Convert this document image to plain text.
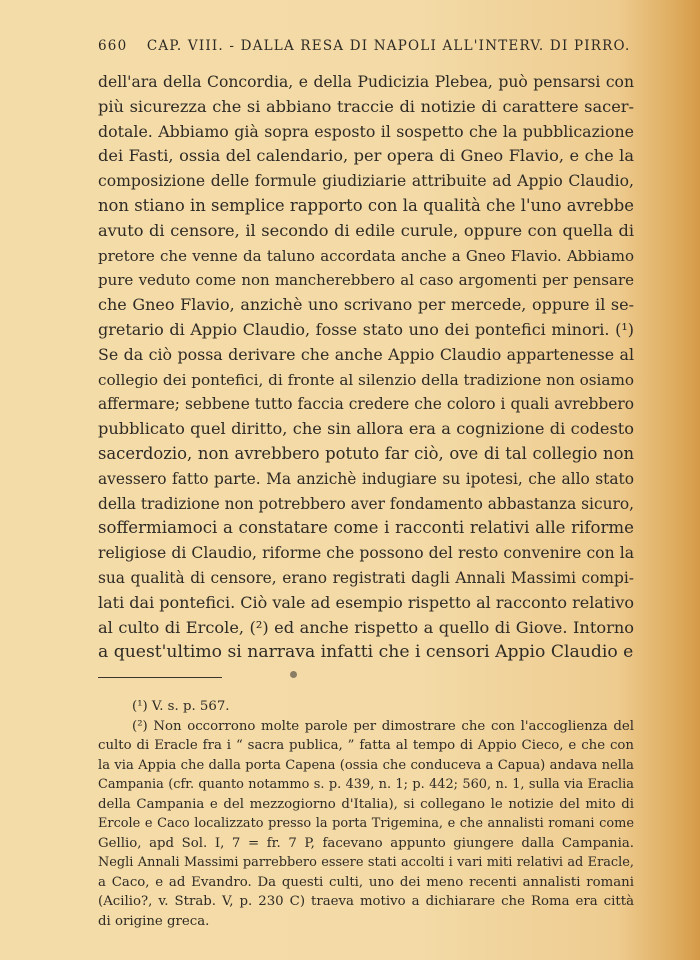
660 CAP. VIII. - DALLA RESA DI NAPOLI ALL'INTERV. DI PIRRO.
dell'ara della Concordia, e della Pudicizia Plebea, può pensarsi con
più sicurezza che si abbiano traccie di notizie di carattere sacer-
dotale. Abbiamo già sopra esposto il sospetto che la pubblicazione
dei Fasti, ossia del calendario, per opera di Gneo Flavio, e che la
composizione delle formule giudiziarie attribuite ad Appio Claudio,
non stiano in semplice rapporto con la qualità che l'uno avrebbe
avuto di censore, il secondo di edile curule, oppure con quella di
pretore che venne da taluno accordata anche a Gneo Flavio. Abbiamo
pure veduto come non mancherebbero al caso argomenti per pensare
che Gneo Flavio, anzichè uno scrivano per mercede, oppure il se-
gretario di Appio Claudio, fosse stato uno dei pontefici minori. (¹)
Se da ciò possa derivare che anche Appio Claudio appartenesse al
collegio dei pontefici, di fronte al silenzio della tradizione non osiamo
affermare; sebbene tutto faccia credere che coloro i quali avrebbero
pubblicato quel diritto, che sin allora era a cognizione di codesto
sacerdozio, non avrebbero potuto far ciò, ove di tal collegio non
avessero fatto parte. Ma anzichè indugiare su ipotesi, che allo stato
della tradizione non potrebbero aver fondamento abbastanza sicuro,
soffermiamoci a constatare come i racconti relativi alle riforme
religiose di Claudio, riforme che possono del resto convenire con la
sua qualità di censore, erano registrati dagli Annali Massimi compi-
lati dai pontefici. Ciò vale ad esempio rispetto al racconto relativo
al culto di Ercole, (²) ed anche rispetto a quello di Giove. Intorno
a quest'ultimo si narrava infatti che i censori Appio Claudio e
(¹) V. s. p. 567.
(²) Non occorrono molte parole per dimostrare che con l'accoglienza del
culto di Eracle fra i “ sacra publica, ” fatta al tempo di Appio Cieco, e che con
la via Appia che dalla porta Capena (ossia che conduceva a Capua) andava nella
Campania (cfr. quanto notammo s. p. 439, n. 1; p. 442; 560, n. 1, sulla via Eraclia
della Campania e del mezzogiorno d'Italia), si collegano le notizie del mito di
Ercole e Caco localizzato presso la porta Trigemina, e che annalisti romani come
Gellio, apd Sol. I, 7 = fr. 7 P, facevano appunto giungere dalla Campania.
Negli Annali Massimi parrebbero essere stati accolti i vari miti relativi ad Eracle,
a Caco, e ad Evandro. Da questi culti, uno dei meno recenti annalisti romani
(Acilio?, v. Strab. V, p. 230 C) traeva motivo a dichiarare che Roma era città
di origine greca.
